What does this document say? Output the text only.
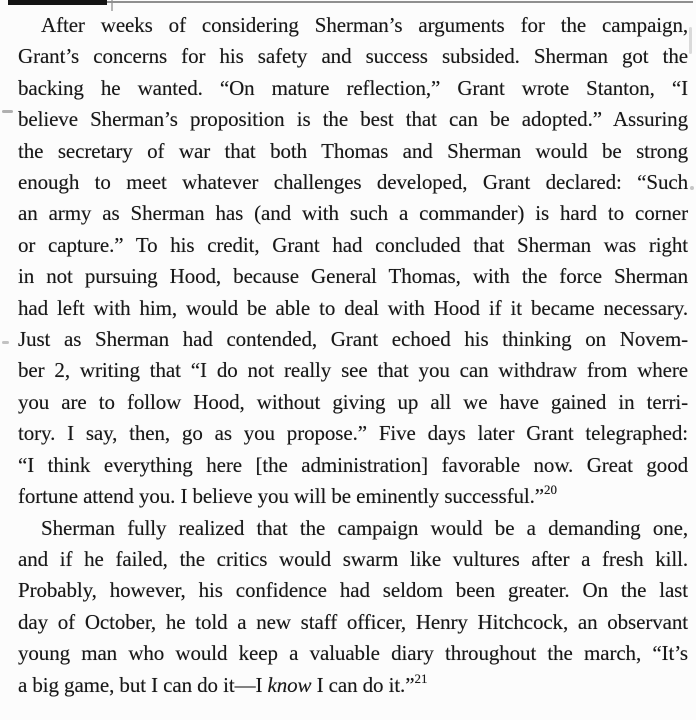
After weeks of considering Sherman’s arguments for the campaign,
Grant’s concerns for his safety and success subsided. Sherman got the
backing he wanted. “On mature reflection,” Grant wrote Stanton, “I
believe Sherman’s proposition is the best that can be adopted.” Assuring
the secretary of war that both Thomas and Sherman would be strong
enough to meet whatever challenges developed, Grant declared: “Such
an army as Sherman has (and with such a commander) is hard to corner
or capture.” To his credit, Grant had concluded that Sherman was right
in not pursuing Hood, because General Thomas, with the force Sherman
had left with him, would be able to deal with Hood if it became necessary.
Just as Sherman had contended, Grant echoed his thinking on Novem-
ber 2, writing that “I do not really see that you can withdraw from where
you are to follow Hood, without giving up all we have gained in terri-
tory. I say, then, go as you propose.” Five days later Grant telegraphed:
“I think everything here [the administration] favorable now. Great good
fortune attend you. I believe you will be eminently successful.”$^{20}$
Sherman fully realized that the campaign would be a demanding one,
and if he failed, the critics would swarm like vultures after a fresh kill.
Probably, however, his confidence had seldom been greater. On the last
day of October, he told a new staff officer, Henry Hitchcock, an observant
young man who would keep a valuable diary throughout the march, “It’s
a big game, but I can do it—I know I can do it.”$^{21}$
